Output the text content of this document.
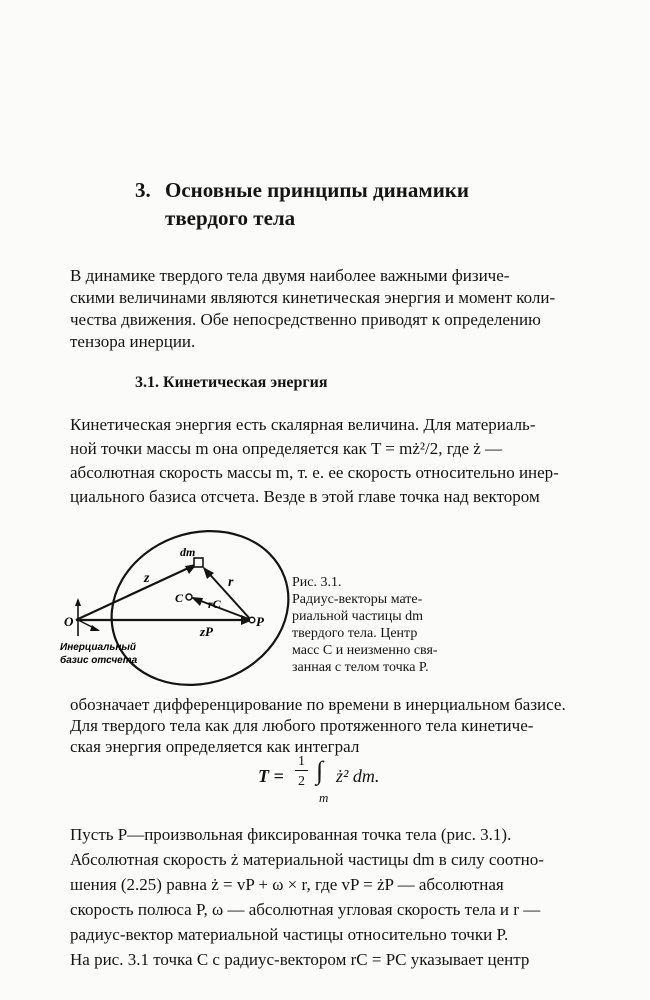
3. Основные принципы динамики
твердого тела
В динамике твердого тела двумя наиболее важными физиче-
скими величинами являются кинетическая энергия и момент коли-
чества движения. Обе непосредственно приводят к определению
тензора инерции.
3.1. Кинетическая энергия
Кинетическая энергия есть скалярная величина. Для материаль-
ной точки массы m она определяется как T = mż²/2, где ż —
абсолютная скорость массы m, т. е. ее скорость относительно инер-
циального базиса отсчета. Везде в этой главе точка над вектором
dm
z	r
C rC
O	P
zP
Инерциальный
базис отсчета
Рис. 3.1.
Радиус-векторы мате-
риальной частицы dm
твердого тела. Центр
масс C и неизменно свя-
занная с телом точка P.
обозначает дифференцирование по времени в инерциальном базисе.
Для твердого тела как для любого протяженного тела кинетиче-
ская энергия определяется как интеграл
T =
1
2 ∫
m
ż² dm.
Пусть P—произвольная фиксированная точка тела (рис. 3.1).
Абсолютная скорость ż материальной частицы dm в силу соотно-
шения (2.25) равна ż = vP + ω × r, где vP = żP — абсолютная
скорость полюса P, ω — абсолютная угловая скорость тела и r —
радиус-вектор материальной частицы относительно точки P.
На рис. 3.1 точка C с радиус-вектором rC = PC указывает центр
